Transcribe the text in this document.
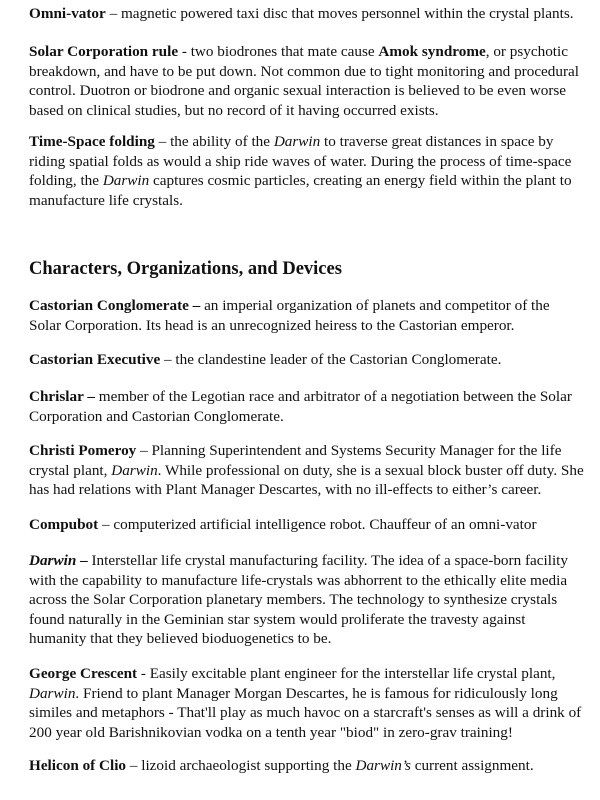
Omni-vator – magnetic powered taxi disc that moves personnel within the crystal plants.

Solar Corporation rule - two biodrones that mate cause Amok syndrome, or psychotic breakdown, and have to be put down. Not common due to tight monitoring and procedural control. Duotron or biodrone and organic sexual interaction is believed to be even worse based on clinical studies, but no record of it having occurred exists.

Time-Space folding – the ability of the Darwin to traverse great distances in space by riding spatial folds as would a ship ride waves of water. During the process of time-space folding, the Darwin captures cosmic particles, creating an energy field within the plant to manufacture life crystals.

Characters, Organizations, and Devices

Castorian Conglomerate – an imperial organization of planets and competitor of the Solar Corporation. Its head is an unrecognized heiress to the Castorian emperor.

Castorian Executive – the clandestine leader of the Castorian Conglomerate.

Chrislar – member of the Legotian race and arbitrator of a negotiation between the Solar Corporation and Castorian Conglomerate.

Christi Pomeroy – Planning Superintendent and Systems Security Manager for the life crystal plant, Darwin. While professional on duty, she is a sexual block buster off duty. She has had relations with Plant Manager Descartes, with no ill-effects to either’s career.

Compubot – computerized artificial intelligence robot. Chauffeur of an omni-vator

Darwin – Interstellar life crystal manufacturing facility. The idea of a space-born facility with the capability to manufacture life-crystals was abhorrent to the ethically elite media across the Solar Corporation planetary members. The technology to synthesize crystals found naturally in the Geminian star system would proliferate the travesty against humanity that they believed bioduogenetics to be.

George Crescent - Easily excitable plant engineer for the interstellar life crystal plant, Darwin. Friend to plant Manager Morgan Descartes, he is famous for ridiculously long similes and metaphors - That'll play as much havoc on a starcraft's senses as will a drink of 200 year old Barishnikovian vodka on a tenth year "biod" in zero-grav training!

Helicon of Clio – lizoid archaeologist supporting the Darwin’s current assignment.
